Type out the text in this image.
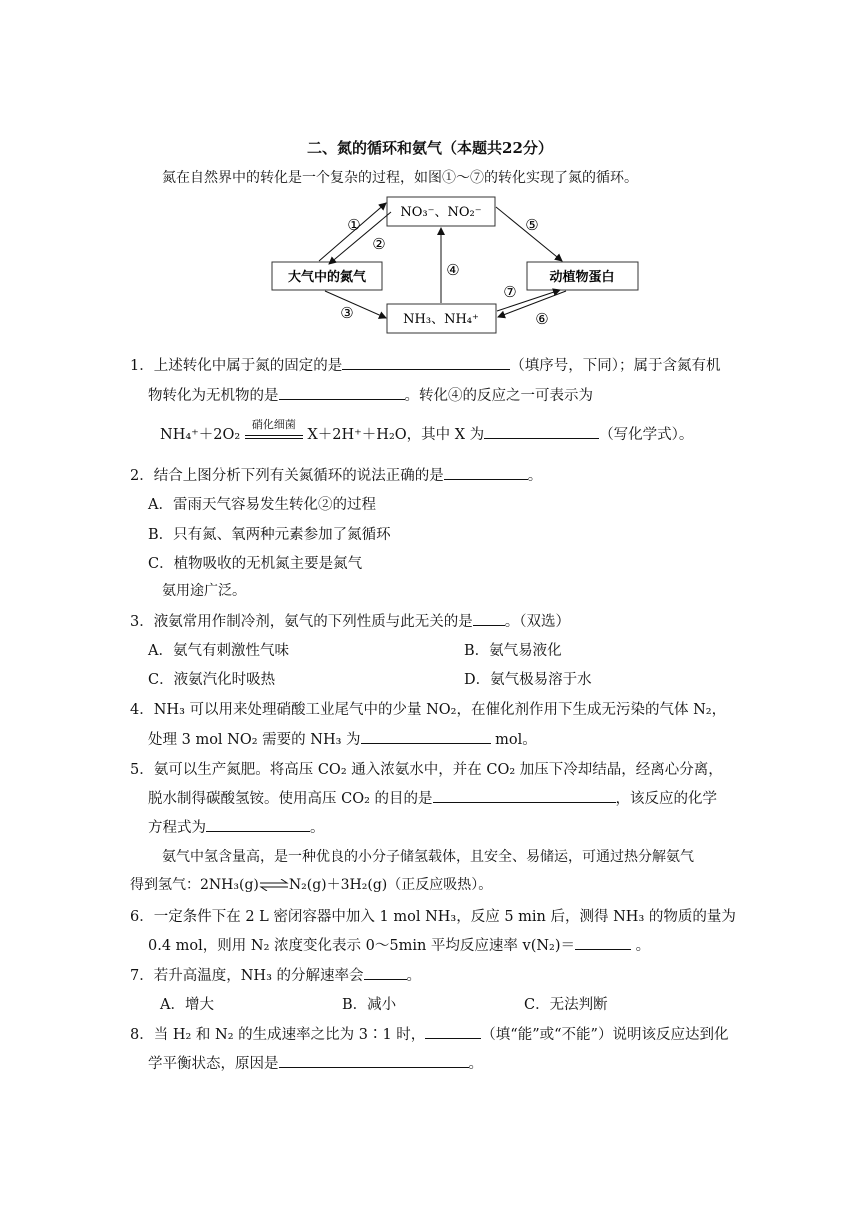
二、氮的循环和氨气（本题共22分）
氮在自然界中的转化是一个复杂的过程，如图①～⑦的转化实现了氮的循环。
NO₃⁻、NO₂⁻
大气中的氮气	动植物蛋白
NH₃、NH₄⁺
①
②
③
④
⑤
⑥
⑦
1．上述转化中属于氮的固定的是	（填序号，下同）；属于含氮有机
物转化为无机物的是	。转化④的反应之一可表示为
NH₄⁺＋2O₂
硝化细菌
X＋2H⁺＋H₂O，其中 X 为	（写化学式）。
2．结合上图分析下列有关氮循环的说法正确的是	。
A．雷雨天气容易发生转化②的过程
B．只有氮、氧两种元素参加了氮循环
C．植物吸收的无机氮主要是氮气
氨用途广泛。
3．液氨常用作制冷剂，氨气的下列性质与此无关的是 。（双选）
A．氨气有刺激性气味	B．氨气易液化
C．液氨汽化时吸热	D．氨气极易溶于水
4．NH₃ 可以用来处理硝酸工业尾气中的少量 NO₂，在催化剂作用下生成无污染的气体 N₂，
处理 3 mol NO₂ 需要的 NH₃ 为	mol。
5．氨可以生产氮肥。将高压 CO₂ 通入浓氨水中，并在 CO₂ 加压下冷却结晶，经离心分离，
脱水制得碳酸氢铵。使用高压 CO₂ 的目的是	，该反应的化学
方程式为	。
氨气中氢含量高，是一种优良的小分子储氢载体，且安全、易储运，可通过热分解氨气
得到氢气：2NH₃(g)⇌N₂(g)＋3H₂(g)（正反应吸热）。
6．一定条件下在 2 L 密闭容器中加入 1 mol NH₃，反应 5 min 后，测得 NH₃ 的物质的量为
0.4 mol，则用 N₂ 浓度变化表示 0～5min 平均反应速率 v(N₂)＝	。
7．若升高温度，NH₃ 的分解速率会	。
A．增大	B．减小	C．无法判断
8．当 H₂ 和 N₂ 的生成速率之比为 3∶1 时，	（填“能”或“不能”）说明该反应达到化
学平衡状态，原因是	。
